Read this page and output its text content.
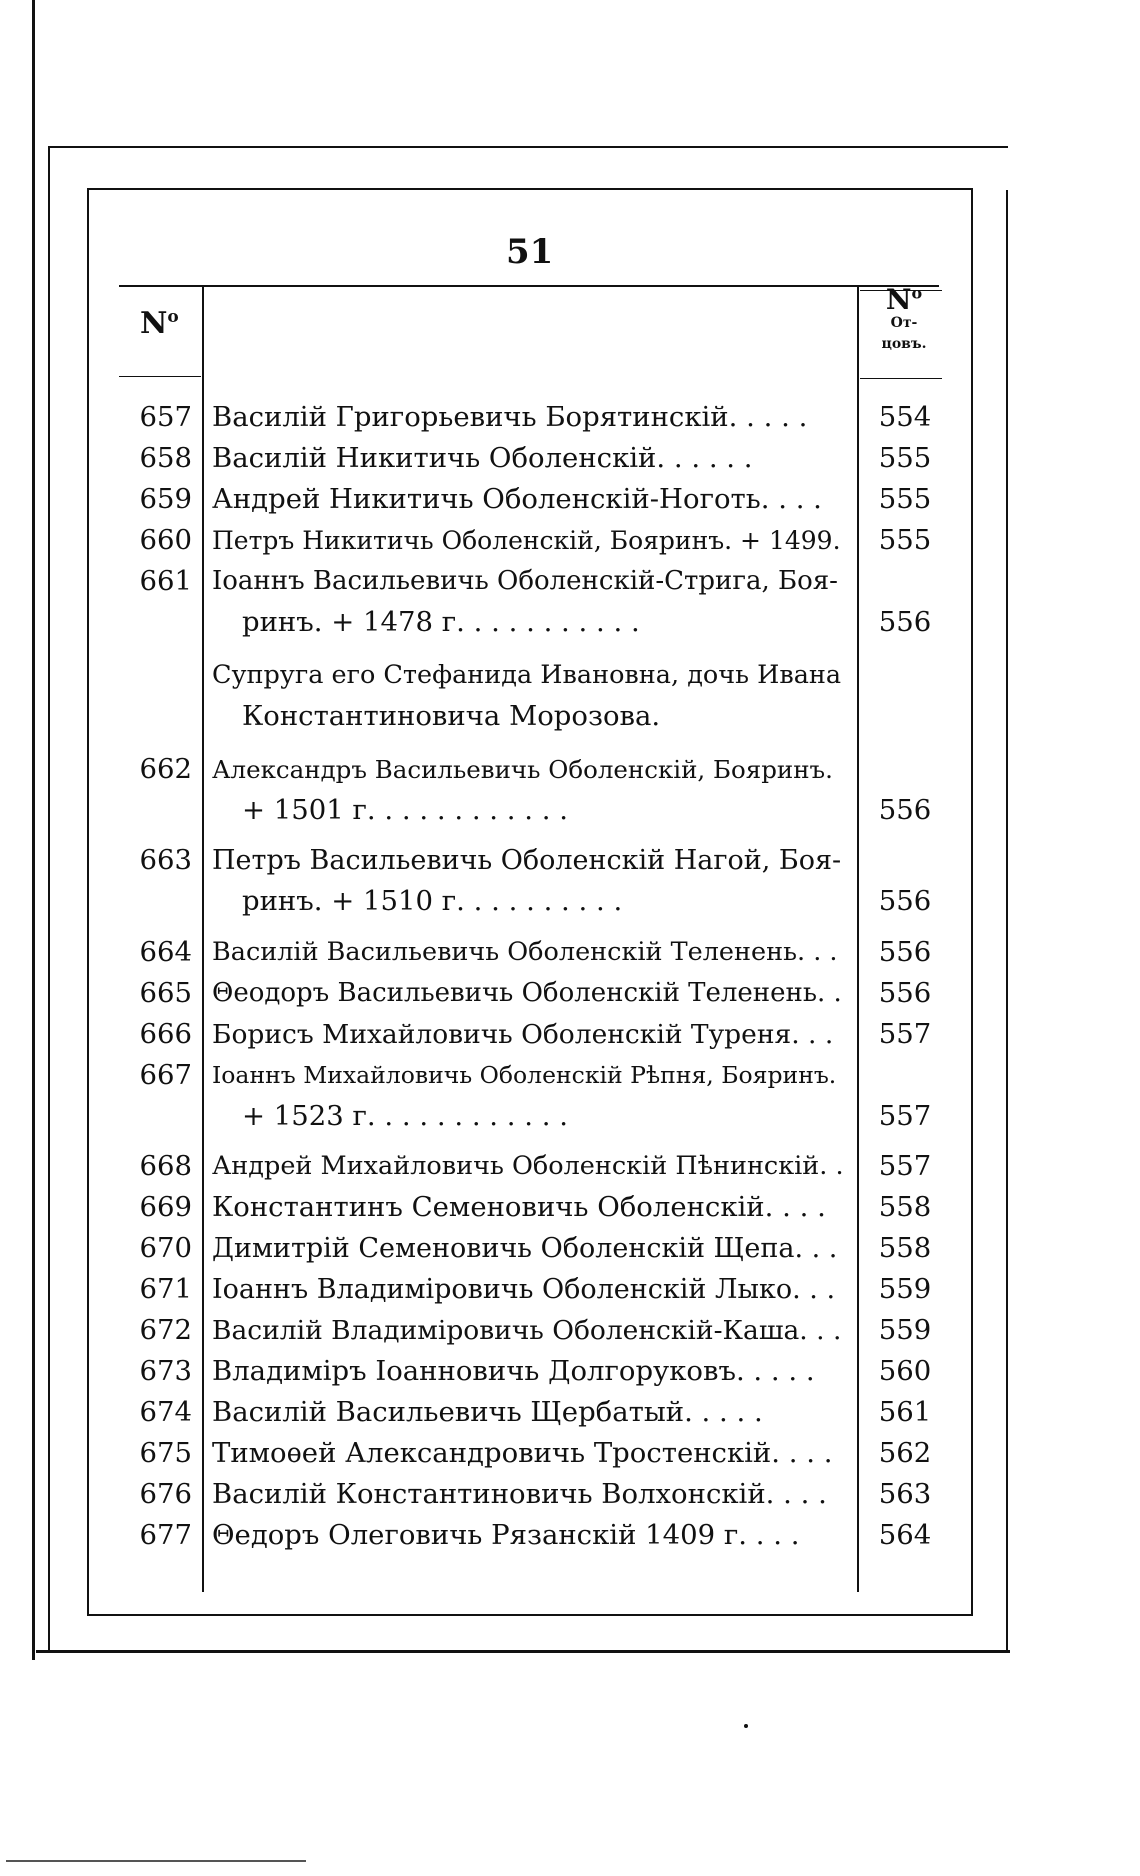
51
$N^o$
$N^o$
От-
цовъ.
657 Василій Григорьевичь Борятинскій. . . . .	554
658 Василій Никитичь Оболенскій. . . . . .	555
659 Андрей Никитичь Оболенскій-Ноготь. . . .	555
660 Петръ Никитичь Оболенскій, Бояринъ. + 1499.	555
661 Іоаннъ Васильевичь Оболенскій-Стрига, Боя-
ринъ. + 1478 г. . . . . . . . . . .	556
Супруга его Стефанида Ивановна, дочь Ивана
Константиновича Морозова.
662 Александръ Васильевичь Оболенскій, Бояринъ.
+ 1501 г. . . . . . . . . . . .	556
663 Петръ Васильевичь Оболенскій Нагой, Боя-
ринъ. + 1510 г. . . . . . . . . .	556
664 Василій Васильевичь Оболенскій Теленень. . .	556
665 Θеодоръ Васильевичь Оболенскій Теленень. .	556
666 Борисъ Михайловичь Оболенскій Туреня. . .	557
667 Іоаннъ Михайловичь Оболенскій Рѣпня, Бояринъ.
+ 1523 г. . . . . . . . . . . .	557
668 Андрей Михайловичь Оболенскій Пѣнинскій. .	557
669 Константинъ Семеновичь Оболенскій. . . .	558
670 Димитрій Семеновичь Оболенскій Щепа. . .	558
671 Іоаннъ Владиміровичь Оболенскій Лыко. . .	559
672 Василій Владиміровичь Оболенскій-Каша. . .	559
673 Владиміръ Іоанновичь Долгоруковъ. . . . .	560
674 Василій Васильевичь Щербатый. . . . .	561
675 Тимоѳей Александровичь Тростенскій. . . .	562
676 Василій Константиновичь Волхонскій. . . .	563
677 Θедоръ Олеговичь Рязанскій 1409 г. . . .	564
